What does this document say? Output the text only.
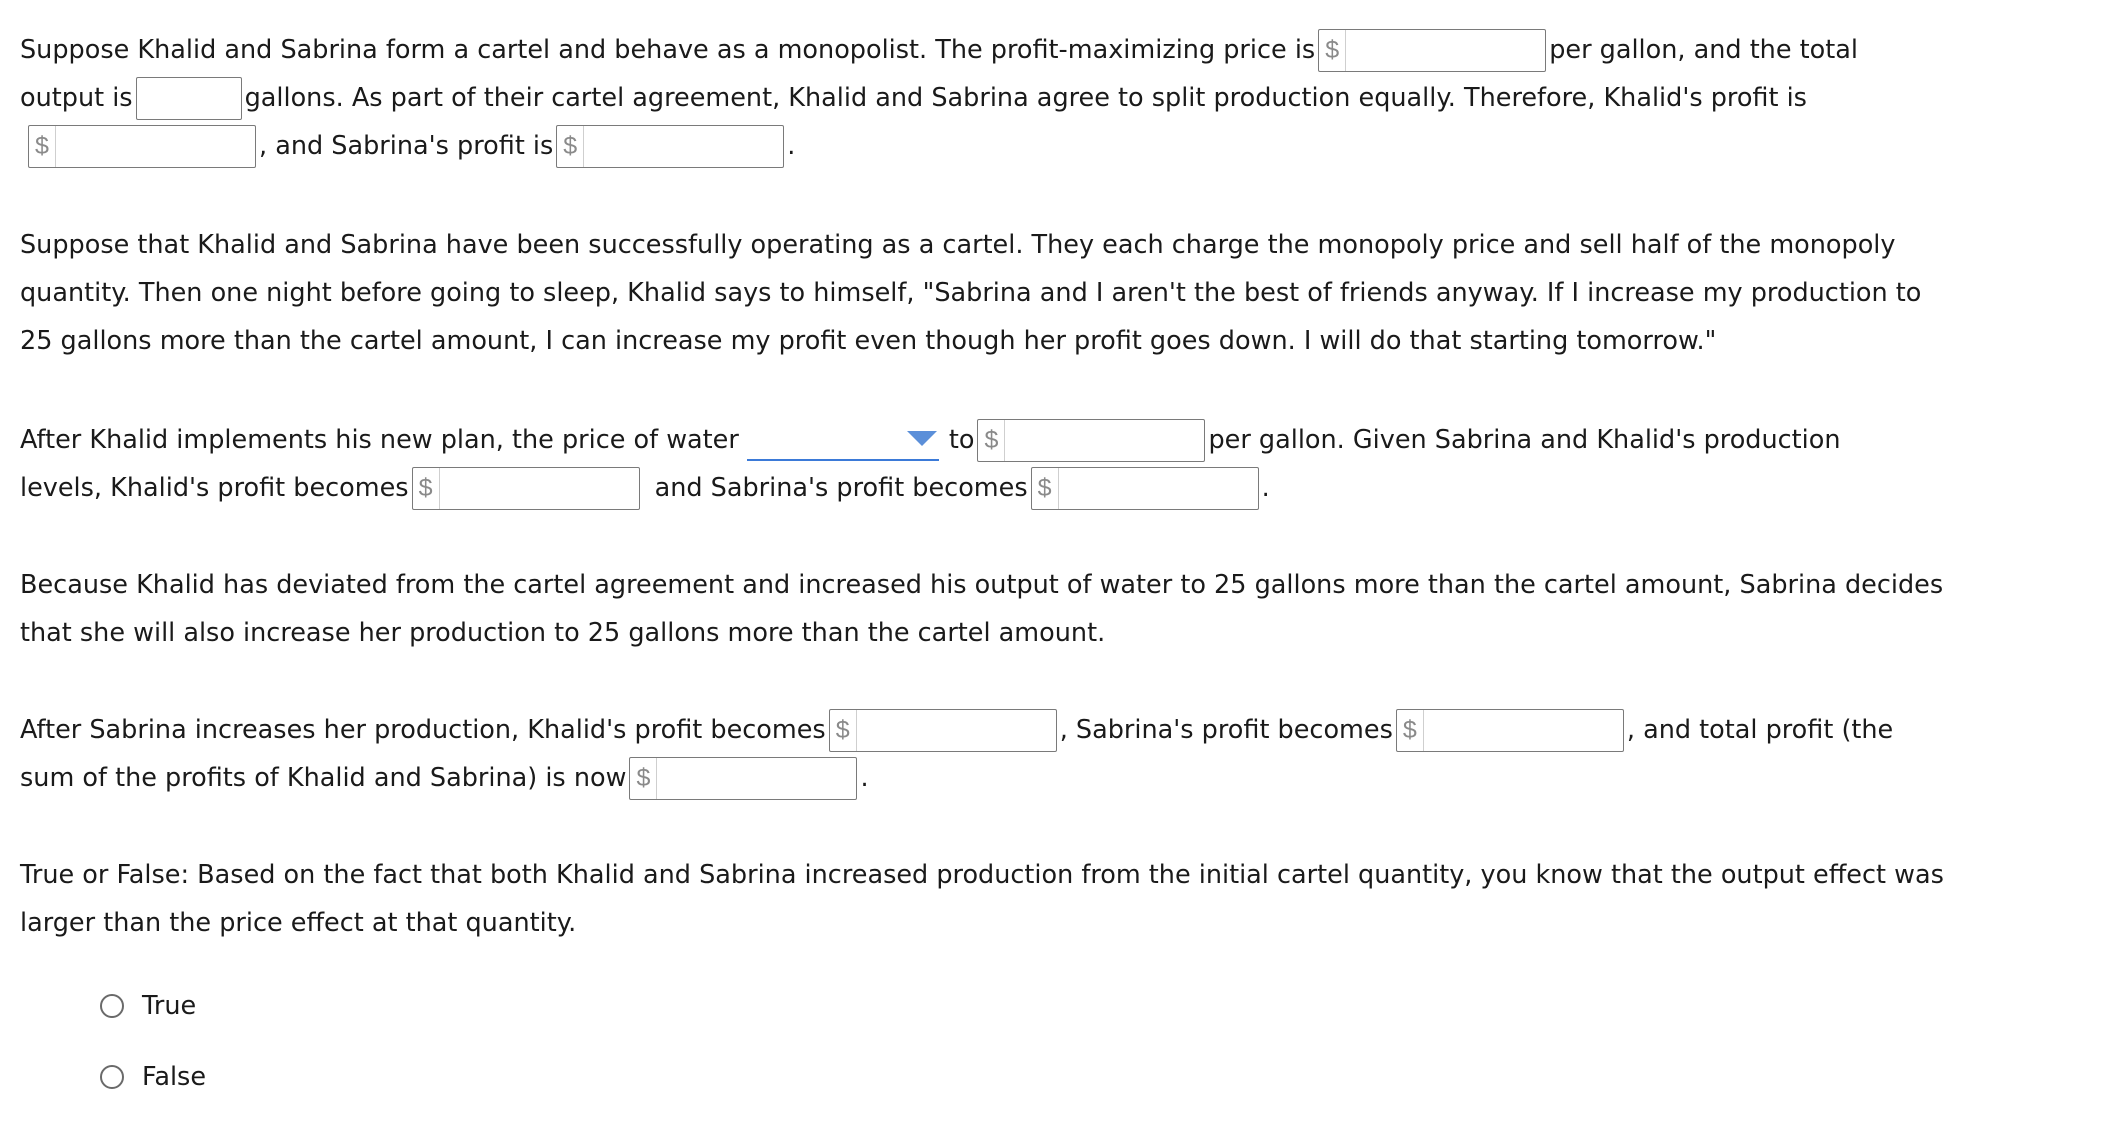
Suppose Khalid and Sabrina form a cartel and behave as a monopolist. The profit-maximizing price is $	per gallon, and the total
output is	gallons. As part of their cartel agreement, Khalid and Sabrina agree to split production equally. Therefore, Khalid's profit is
$	, and Sabrina's profit is $	.
Suppose that Khalid and Sabrina have been successfully operating as a cartel. They each charge the monopoly price and sell half of the monopoly
quantity. Then one night before going to sleep, Khalid says to himself, "Sabrina and I aren't the best of friends anyway. If I increase my production to
25 gallons more than the cartel amount, I can increase my profit even though her profit goes down. I will do that starting tomorrow."
After Khalid implements his new plan, the price of water	to $	per gallon. Given Sabrina and Khalid's production
levels, Khalid's profit becomes $	and Sabrina's profit becomes $	.
Because Khalid has deviated from the cartel agreement and increased his output of water to 25 gallons more than the cartel amount, Sabrina decides
that she will also increase her production to 25 gallons more than the cartel amount.
After Sabrina increases her production, Khalid's profit becomes $	, Sabrina's profit becomes $	, and total profit (the
sum of the profits of Khalid and Sabrina) is now $	.
True or False: Based on the fact that both Khalid and Sabrina increased production from the initial cartel quantity, you know that the output effect was
larger than the price effect at that quantity.
True
False
